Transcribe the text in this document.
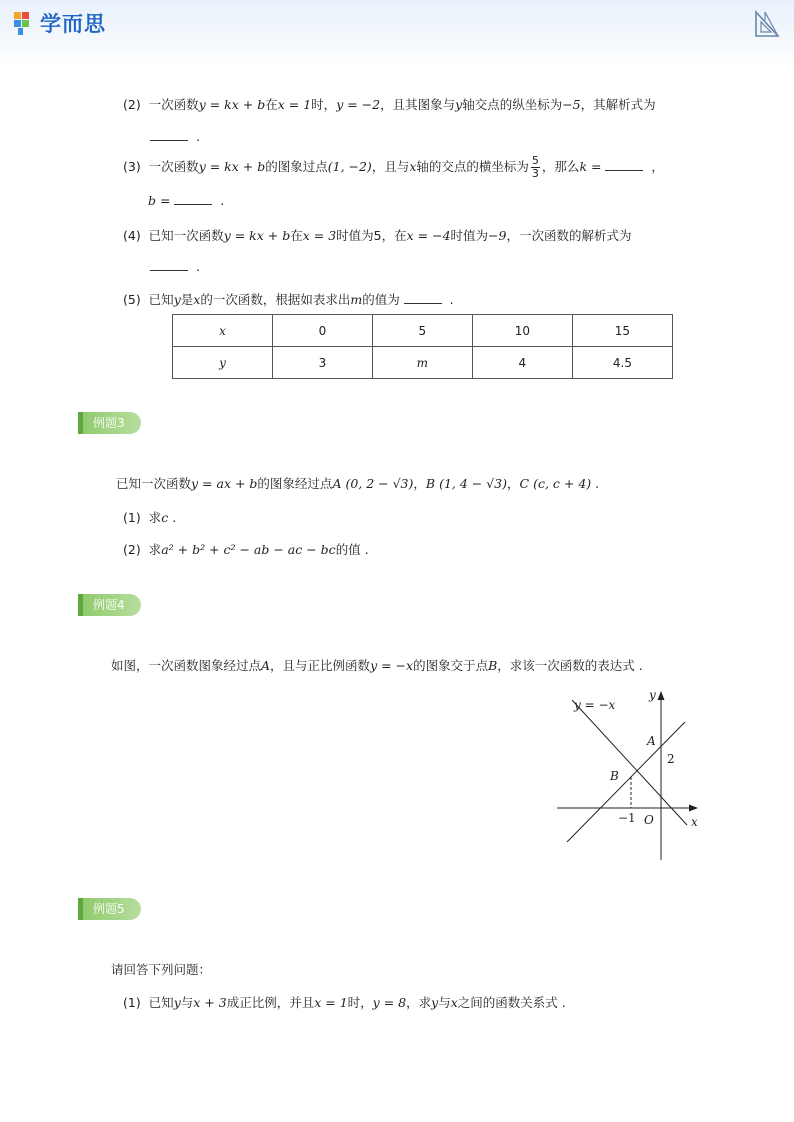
学而思
(2) 一次函数y = kx + b在x = 1时，y = −2，且其图象与y轴交点的纵坐标为−5，其解析式为
.
(3) 一次函数y = kx + b的图象过点(1, −2)，且与x轴的交点的横坐标为 $\frac{5}{3}$ ，那么k =	，
b =	.
(4) 已知一次函数y = kx + b在x = 3时值为5，在x = −4时值为−9，一次函数的解析式为
.
(5) 已知y是x的一次函数，根据如表求出m的值为	.
x	0	5	10	15
y	3	m	4	4.5
例题3
已知一次函数y = ax + b的图象经过点A (0, 2 − √3)，B (1, 4 − √3)，C (c, c + 4) .
(1) 求c .
(2) 求a² + b² + c² − ab − ac − bc的值 .
例题4
如图，一次函数图象经过点A，且与正比例函数y = −x的图象交于点B，求该一次函数的表达式 .
y = −x
y
x
A
B
O
2
−1
例题5
请回答下列问题：
(1) 已知y与x + 3成正比例，并且x = 1时，y = 8，求y与x之间的函数关系式 .
